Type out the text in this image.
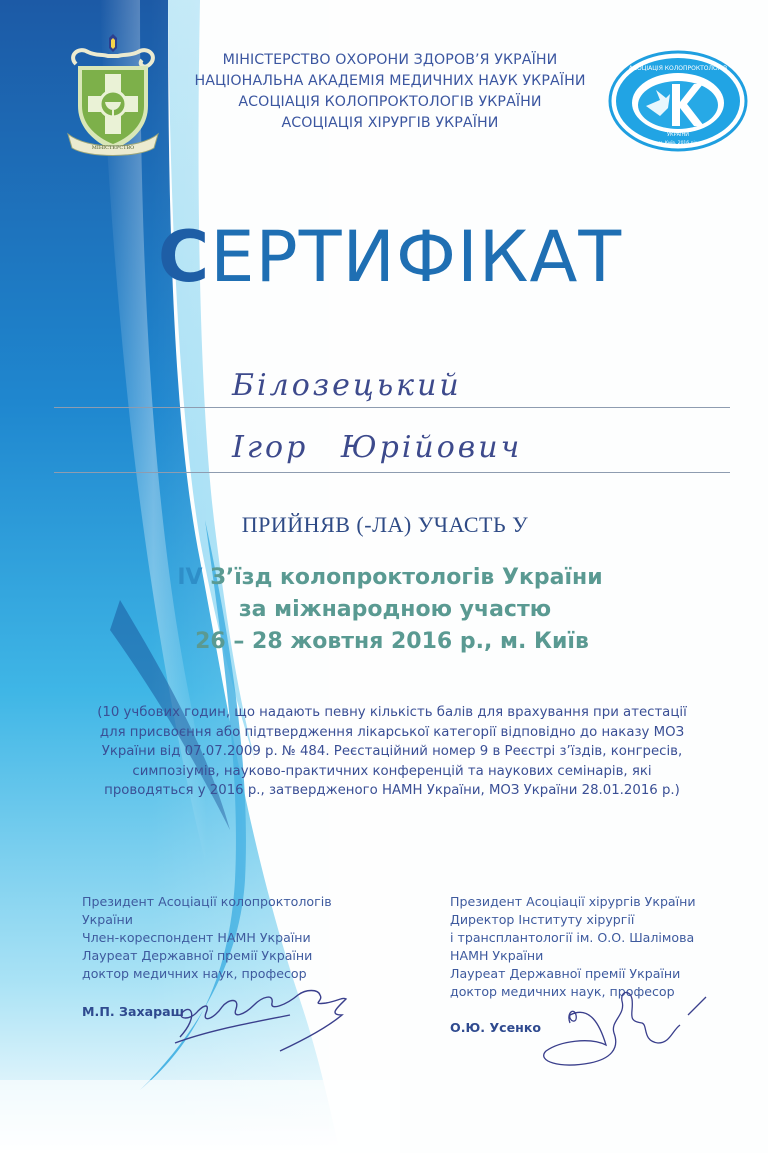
МІНІСТЕРСТВО
МІНІСТЕРСТВО ОХОРОНИ ЗДОРОВ’Я УКРАЇНИ
НАЦІОНАЛЬНА АКАДЕМІЯ МЕДИЧНИХ НАУК УКРАЇНИ
АСОЦІАЦІЯ КОЛОПРОКТОЛОГІВ УКРАЇНИ
АСОЦІАЦІЯ ХІРУРГІВ УКРАЇНИ
АСОЦІАЦІЯ КОЛОПРОКТОЛОГІВ
УКРАЇНИ
м. Київ, 2016 рік
СЕРТИФІКАТ
Білозецький
Ігор Юрійович
ПРИЙНЯВ (-ЛА) УЧАСТЬ У
IV З’їзд колопроктологів України
за міжнародною участю
26 – 28 жовтня 2016 р., м. Київ
(10 учбових годин, що надають певну кількість балів для врахування при атестації
для присвоєння або підтвердження лікарської категорії відповідно до наказу МОЗ
України від 07.07.2009 р. № 484. Реєстаційний номер 9 в Реєстрі з’їздів, конгресів,
симпозіумів, науково-практичних конференцій та наукових семінарів, які
проводяться у 2016 р., затвердженого НАМН України, МОЗ України 28.01.2016 р.)
Президент Асоціації колопроктологів
України
Член-кореспондент НАМН України
Лауреат Державної премії України
доктор медичних наук, професор
М.П. Захараш
Президент Асоціації хірургів України
Директор Інституту хірургії
і трансплантології ім. О.О. Шалімова
НАМН України
Лауреат Державної премії України
доктор медичних наук, професор
О.Ю. Усенко
